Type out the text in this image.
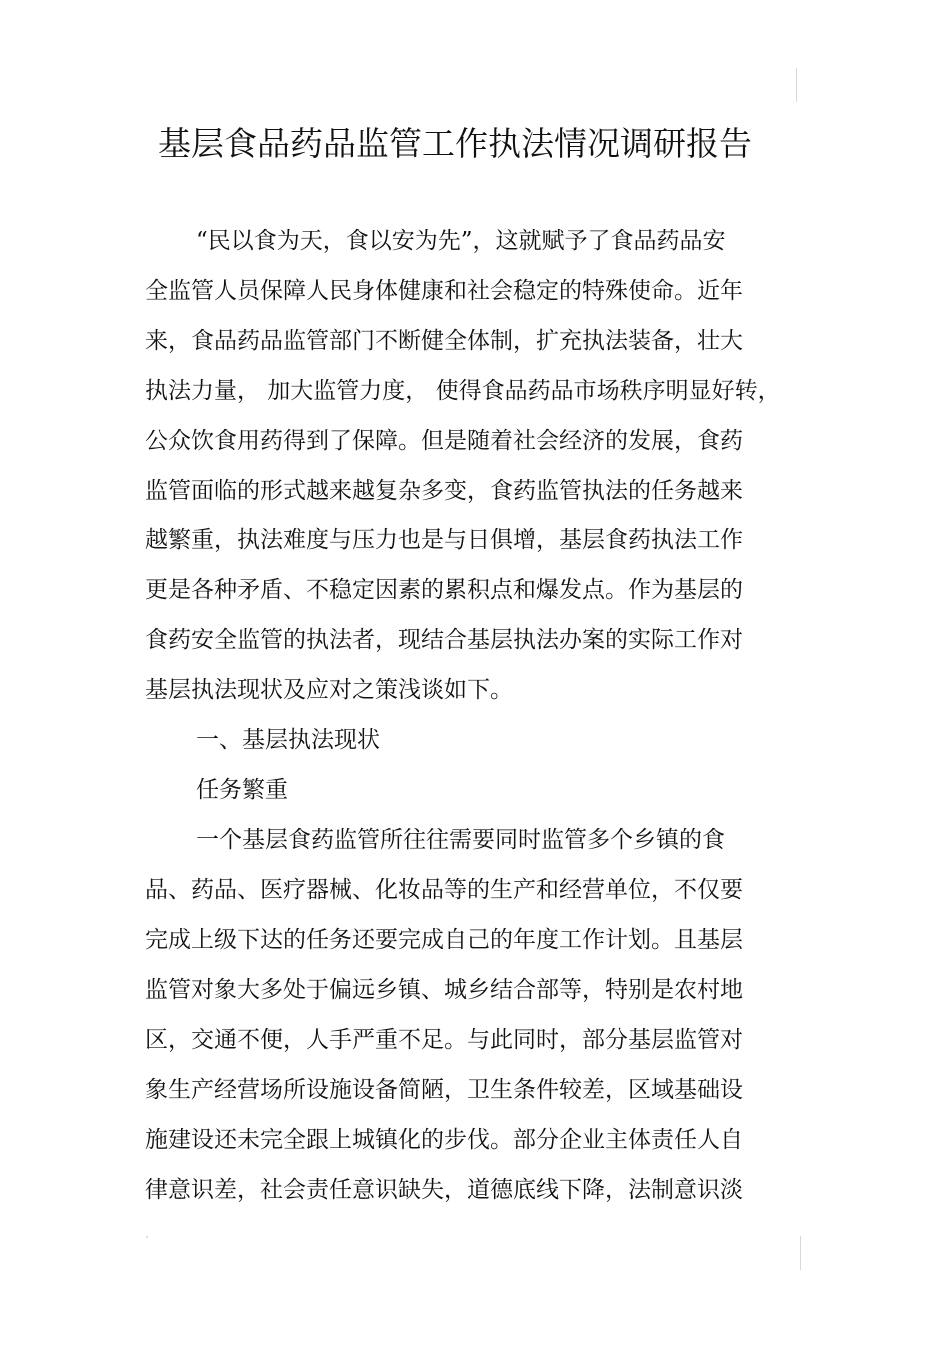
基层食品药品监管工作执法情况调研报告
“民以食为天，食以安为先”，这就赋予了食品药品安
全监管人员保障人民身体健康和社会稳定的特殊使命。近年
来，食品药品监管部门不断健全体制，扩充执法装备，壮大
执法力量， 加大监管力度， 使得食品药品市场秩序明显好转，
公众饮食用药得到了保障。但是随着社会经济的发展，食药
监管面临的形式越来越复杂多变，食药监管执法的任务越来
越繁重，执法难度与压力也是与日俱增，基层食药执法工作
更是各种矛盾、不稳定因素的累积点和爆发点。作为基层的
食药安全监管的执法者，现结合基层执法办案的实际工作对
基层执法现状及应对之策浅谈如下。
一、基层执法现状
任务繁重
一个基层食药监管所往往需要同时监管多个乡镇的食
品、药品、医疗器械、化妆品等的生产和经营单位，不仅要
完成上级下达的任务还要完成自己的年度工作计划。且基层
监管对象大多处于偏远乡镇、城乡结合部等，特别是农村地
区，交通不便，人手严重不足。与此同时，部分基层监管对
象生产经营场所设施设备简陋，卫生条件较差，区域基础设
施建设还未完全跟上城镇化的步伐。部分企业主体责任人自
律意识差，社会责任意识缺失，道德底线下降，法制意识淡
